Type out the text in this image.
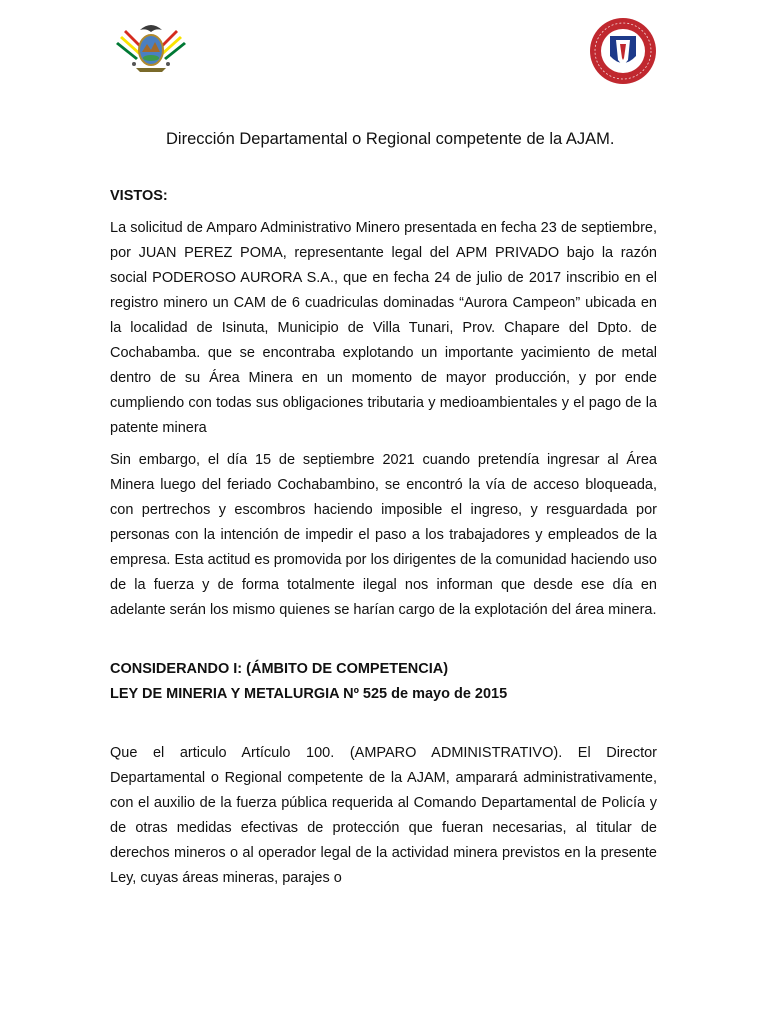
Dirección Departamental o Regional competente de la AJAM.

VISTOS:

La solicitud de Amparo Administrativo Minero presentada en fecha 23 de septiembre, por JUAN PEREZ POMA, representante legal del APM PRIVADO bajo la razón social PODEROSO AURORA S.A., que en fecha 24 de julio de 2017 inscribio en el registro minero un CAM de 6 cuadriculas dominadas “Aurora Campeon” ubicada en la localidad de Isinuta, Municipio de Villa Tunari, Prov. Chapare del Dpto. de Cochabamba. que se encontraba explotando un importante yacimiento de metal dentro de su Área Minera en un momento de mayor producción, y por ende cumpliendo con todas sus obligaciones tributaria y medioambientales y el pago de la patente minera

Sin embargo, el día 15 de septiembre 2021 cuando pretendía ingresar al Área Minera luego del feriado Cochabambino, se encontró la vía de acceso bloqueada, con pertrechos y escombros haciendo imposible el ingreso, y resguardada por personas con la intención de impedir el paso a los trabajadores y empleados de la empresa. Esta actitud es promovida por los dirigentes de la comunidad haciendo uso de la fuerza y de forma totalmente ilegal nos informan que desde ese día en adelante serán los mismo quienes se harían cargo de la explotación del área minera.

CONSIDERANDO I: (ÁMBITO DE COMPETENCIA)

LEY DE MINERIA Y METALURGIA Nº 525 de mayo de 2015

Que el articulo Artículo 100. (AMPARO ADMINISTRATIVO). El Director Departamental o Regional competente de la AJAM, amparará administrativamente, con el auxilio de la fuerza pública requerida al Comando Departamental de Policía y de otras medidas efectivas de protección que fueran necesarias, al titular de derechos mineros o al operador legal de la actividad minera previstos en la presente Ley, cuyas áreas mineras, parajes o
